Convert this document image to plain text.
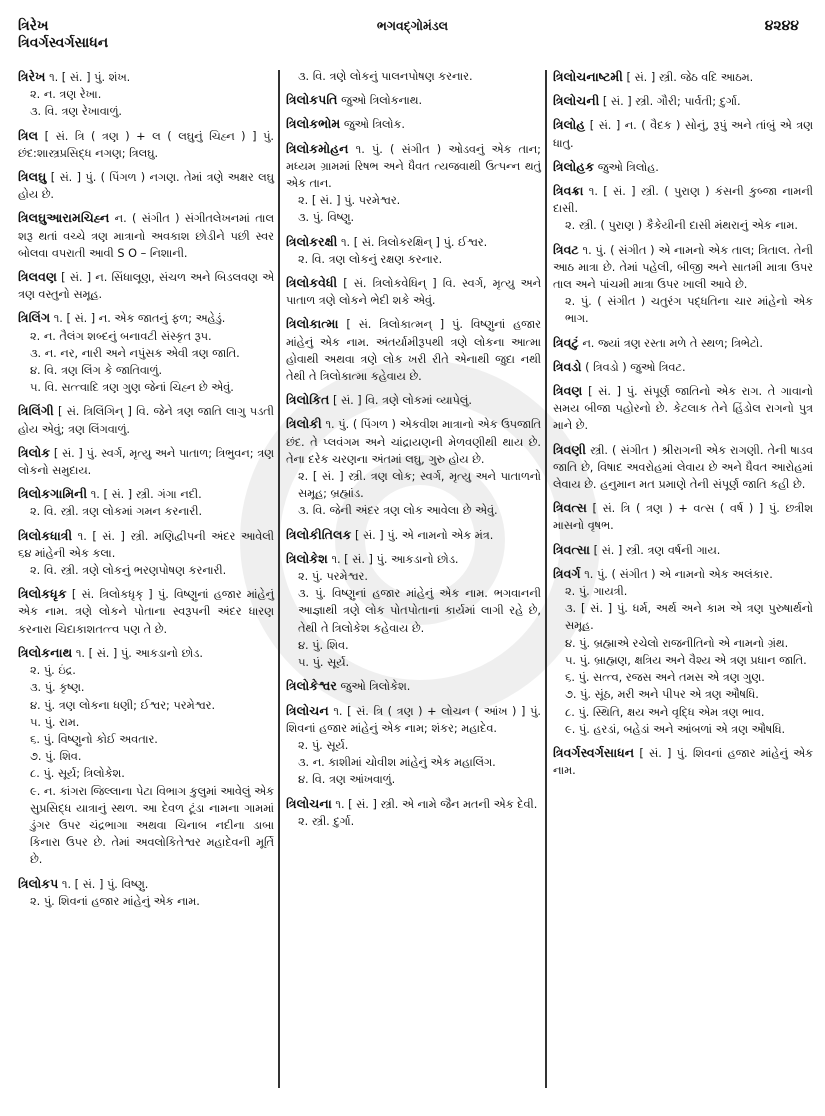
ત્રિરેખ
ત્રિવર્ગસ્વર્ગસાધન
ભગવદ્ગોમંડલ	૪૨૪૪
ત્રિરેખ ૧. [ સં. ] પું. શંખ.
૨. ન. ત્રણ રેખા.
૩. વિ. ત્રણ રેખાવાળું.
ત્રિલ [ સં. ત્રિ ( ત્રણ ) + લ ( લઘુનું ચિહ્ન ) ] પું. છંદ:શાસ્ત્રપ્રસિદ્ધ નગણ; ત્રિલઘુ.
ત્રિલઘુ [ સં. ] પું. ( પિંગળ ) નગણ. તેમાં ત્રણે અક્ષર લઘુ હોય છે.
ત્રિલઘુઆરામચિહ્ન ન. ( સંગીત ) સંગીતલેખનમાં તાલ શરૂ થતાં વચ્ચે ત્રણ માત્રાનો અવકાશ છોડીને પછી સ્વર બોલવા વપરાતી આવી S O – નિશાની.
ત્રિલવણ [ સં. ] ન. સિંધાલૂણ, સંચળ અને બિડલવણ એ ત્રણ વસ્તુનો સમૂહ.
ત્રિલિંગ ૧. [ સં. ] ન. એક જાતનું ફળ; અહેડું.
૨. ન. તૈલંગ શબ્દનું બનાવટી સંસ્કૃત રૂપ.
૩. ન. નર, નારી અને નપુંસક એવી ત્રણ જાતિ.
૪. વિ. ત્રણ લિંગ કે જાતિવાળું.
૫. વિ. સત્ત્વાદિ ત્રણ ગુણ જેનાં ચિહ્ન છે એવું.
ત્રિલિંગી [ સં. ત્રિલિંગિન્ ] વિ. જેને ત્રણ જાતિ લાગુ પડતી હોય એવું; ત્રણ લિંગવાળું.
ત્રિલોક [ સં. ] પું. સ્વર્ગ, મૃત્યુ અને પાતાળ; ત્રિભુવન; ત્રણ લોકનો સમુદાય.
ત્રિલોકગામિની ૧. [ સં. ] સ્ત્રી. ગંગા નદી.
૨. વિ. સ્ત્રી. ત્રણ લોકમાં ગમન કરનારી.
ત્રિલોકધાત્રી ૧. [ સં. ] સ્ત્રી. મણિદ્વીપની અંદર આવેલી ૬૪ માંહેની એક કલા.
૨. વિ. સ્ત્રી. ત્રણે લોકનું ભરણપોષણ કરનારી.
ત્રિલોકધૃક [ સં. ત્રિલોકધૃક્ ] પું. વિષ્ણુનાં હજાર માંહેનું એક નામ. ત્રણે લોકને પોતાના સ્વરૂપની અંદર ધારણ કરનારા ચિદાકાશતત્ત્વ પણ તે છે.
ત્રિલોકનાથ ૧. [ સં. ] પું. આકડાનો છોડ.
૨. પું. ઇંદ્ર.
૩. પું. કૃષ્ણ.
૪. પું. ત્રણ લોકના ધણી; ઈશ્વર; પરમેશ્વર.
૫. પું. રામ.
૬. પું. વિષ્ણુનો કોઈ અવતાર.
૭. પું. શિવ.
૮. પું. સૂર્ય; ત્રિલોકેશ.
૯. ન. કાંગરા જિલ્લાના પેટા વિભાગ કુલુમાં આવેલું એક સુપ્રસિદ્ધ યાત્રાનું સ્થળ. આ દેવળ ટૂંડા નામના ગામમાં ડુંગર ઉપર ચંદ્રભાગા અથવા ચિનાબ નદીના ડાબા કિનારા ઉપર છે. તેમાં અવલોકિતેશ્વર મહાદેવની મૂર્તિ છે.
ત્રિલોકપ ૧. [ સં. ] પું. વિષ્ણુ.
૨. પું. શિવનાં હજાર માંહેનું એક નામ.
૩. વિ. ત્રણે લોકનું પાલનપોષણ કરનાર.
ત્રિલોકપતિ જુઓ ત્રિલોકનાથ.
ત્રિલોકભોમ જુઓ ત્રિલોક.
ત્રિલોકમોહન ૧. પું. ( સંગીત ) ઓડવનું એક તાન; મધ્યમ ગ્રામમાં રિષભ અને ધૈવત ત્યજવાથી ઉત્પન્ન થતું એક તાન.
૨. [ સં. ] પું. પરમેશ્વર.
૩. પું. વિષ્ણુ.
ત્રિલોકરક્ષી ૧. [ સં. ત્રિલોકરક્ષિન્ ] પું. ઈશ્વર.
૨. વિ. ત્રણ લોકનું રક્ષણ કરનાર.
ત્રિલોકવેધી [ સં. ત્રિલોકવેધિન્ ] વિ. સ્વર્ગ, મૃત્યુ અને પાતાળ ત્રણે લોકને ભેદી શકે એવું.
ત્રિલોકાત્મા [ સં. ત્રિલોકાત્મન્ ] પું. વિષ્ણુનાં હજાર માંહેનું એક નામ. અંતર્યામીરૂપથી ત્રણે લોકના આત્મા હોવાથી અથવા ત્રણે લોક ખરી રીતે એનાથી જુદા નથી તેથી તે ત્રિલોકાત્મા કહેવાય છે.
ત્રિલોકિત [ સં. ] વિ. ત્રણે લોકમાં વ્યાપેલું.
ત્રિલોકી ૧. પું. ( પિંગળ ) એકવીશ માત્રાનો એક ઉપજાતિ છંદ. તે પ્લવંગમ અને ચાંદ્રાયણની મેળવણીથી થાય છે. તેના દરેક ચરણના અંતમાં લઘુ, ગુરુ હોય છે.
૨. [ સં. ] સ્ત્રી. ત્રણ લોક; સ્વર્ગ, મૃત્યુ અને પાતાળનો સમૂહ; બ્રહ્માંડ.
૩. વિ. જેની અંદર ત્રણ લોક આવેલા છે એવું.
ત્રિલોકીતિલક [ સં. ] પું. એ નામનો એક મંત્ર.
ત્રિલોકેશ ૧. [ સં. ] પું. આકડાનો છોડ.
૨. પું. પરમેશ્વર.
૩. પું. વિષ્ણુનાં હજાર માંહેનું એક નામ. ભગવાનની આજ્ઞાથી ત્રણે લોક પોતપોતાનાં કાર્યમાં લાગી રહે છે, તેથી તે ત્રિલોકેશ કહેવાય છે.
૪. પું. શિવ.
૫. પું. સૂર્ય.
ત્રિલોકેશ્વર જુઓ ત્રિલોકેશ.
ત્રિલોચન ૧. [ સં. ત્રિ ( ત્રણ ) + લોચન ( આંખ ) ] પું. શિવનાં હજાર માંહેનું એક નામ; શંકર; મહાદેવ.
૨. પું. સૂર્ય.
૩. ન. કાશીમાં ચોવીશ માંહેનું એક મહાલિંગ.
૪. વિ. ત્રણ આંખવાળું.
ત્રિલોચના ૧. [ સં. ] સ્ત્રી. એ નામે જૈન મતની એક દેવી.
૨. સ્ત્રી. દુર્ગા.
ત્રિલોચનાષ્ટમી [ સં. ] સ્ત્રી. જેઠ વદિ આઠમ.
ત્રિલોચની [ સં. ] સ્ત્રી. ગૌરી; પાર્વતી; દુર્ગા.
ત્રિલોહ [ સં. ] ન. ( વૈદક ) સોનું, રૂપું અને તાંબું એ ત્રણ ધાતુ.
ત્રિલોહક જુઓ ત્રિલોહ.
ત્રિવક્રા ૧. [ સં. ] સ્ત્રી. ( પુરાણ ) કંસની કુબ્જા નામની દાસી.
૨. સ્ત્રી. ( પુરાણ ) કૈકેયીની દાસી મંથરાનું એક નામ.
ત્રિવટ ૧. પું. ( સંગીત ) એ નામનો એક તાલ; ત્રિતાલ. તેની આઠ માત્રા છે. તેમાં પહેલી, બીજી અને સાતમી માત્રા ઉપર તાલ અને પાંચમી માત્રા ઉપર ખાલી આવે છે.
૨. પું. ( સંગીત ) ચતુરંગ પદ્ધતિના ચાર માંહેનો એક ભાગ.
ત્રિવટું ન. જ્યાં ત્રણ રસ્તા મળે તે સ્થળ; ત્રિભેટો.
ત્રિવડો ( ત્રિવડો ) જુઓ ત્રિવટ.
ત્રિવણ [ સં. ] પું. સંપૂર્ણ જાતિનો એક રાગ. તે ગાવાનો સમય બીજા પહોરનો છે. કેટલાક તેને હિંડોલ રાગનો પુત્ર માને છે.
ત્રિવણી સ્ત્રી. ( સંગીત ) શ્રીરાગની એક રાગણી. તેની ષાડવ જાતિ છે, વિષાદ અવરોહમાં લેવાય છે અને ધૈવત આરોહમાં લેવાય છે. હનુમાન મત પ્રમાણે તેની સંપૂર્ણ જાતિ કહી છે.
ત્રિવત્સ [ સં. ત્રિ ( ત્રણ ) + વત્સ ( વર્ષ ) ] પું. છત્રીશ માસનો વૃષભ.
ત્રિવત્સા [ સં. ] સ્ત્રી. ત્રણ વર્ષની ગાય.
ત્રિવર્ગ ૧. પું. ( સંગીત ) એ નામનો એક અલંકાર.
૨. પું. ગાયત્રી.
૩. [ સં. ] પું. ધર્મ, અર્થ અને કામ એ ત્રણ પુરુષાર્થનો સમૂહ.
૪. પું. બ્રહ્માએ રચેલો રાજનીતિનો એ નામનો ગ્રંથ.
૫. પું. બ્રાહ્મણ, ક્ષત્રિય અને વૈશ્ય એ ત્રણ પ્રધાન જાતિ.
૬. પું. સત્ત્વ, રજસ અને તમસ એ ત્રણ ગુણ.
૭. પું. સૂંઠ, મરી અને પીપર એ ત્રણ ઔષધિ.
૮. પું. સ્થિતિ, ક્ષય અને વૃદ્ધિ એમ ત્રણ ભાવ.
૯. પું. હરડાં, બહેડાં અને આંબળાં એ ત્રણ ઔષધિ.
ત્રિવર્ગસ્વર્ગસાધન [ સં. ] પું. શિવનાં હજાર માંહેનું એક નામ.
